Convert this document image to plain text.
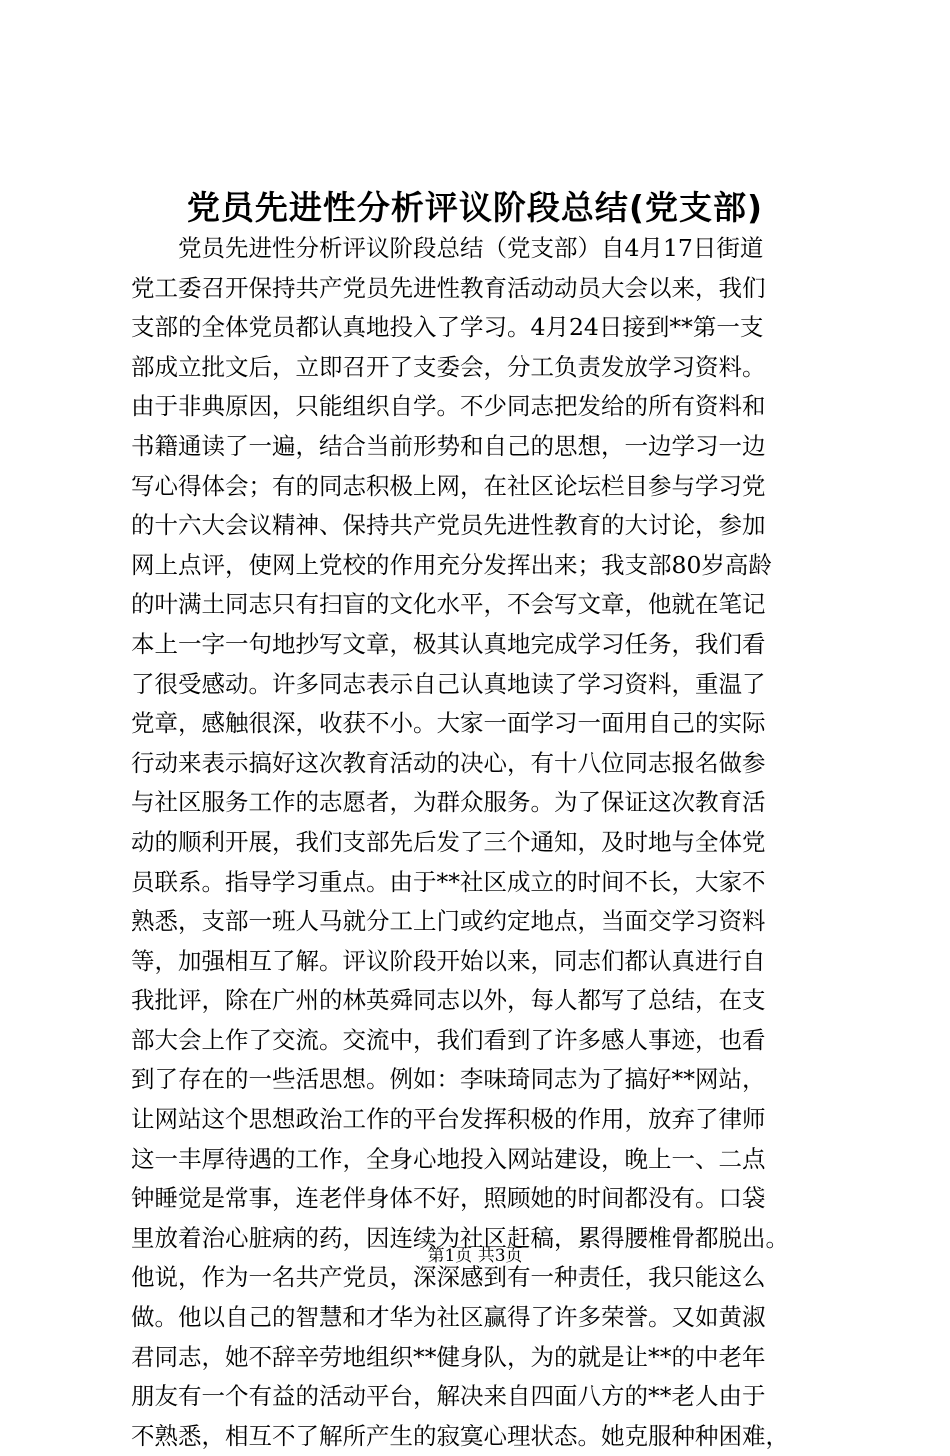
党员先进性分析评议阶段总结(党支部)
　　党员先进性分析评议阶段总结（党支部）自4月17日街道
党工委召开保持共产党员先进性教育活动动员大会以来，我们
支部的全体党员都认真地投入了学习。4月24日接到**第一支
部成立批文后，立即召开了支委会，分工负责发放学习资料。
由于非典原因，只能组织自学。不少同志把发给的所有资料和
书籍通读了一遍，结合当前形势和自己的思想，一边学习一边
写心得体会；有的同志积极上网，在社区论坛栏目参与学习党
的十六大会议精神、保持共产党员先进性教育的大讨论，参加
网上点评，使网上党校的作用充分发挥出来；我支部80岁高龄
的叶满土同志只有扫盲的文化水平，不会写文章，他就在笔记
本上一字一句地抄写文章，极其认真地完成学习任务，我们看
了很受感动。许多同志表示自己认真地读了学习资料，重温了
党章，感触很深，收获不小。大家一面学习一面用自己的实际
行动来表示搞好这次教育活动的决心，有十八位同志报名做参
与社区服务工作的志愿者，为群众服务。为了保证这次教育活
动的顺利开展，我们支部先后发了三个通知，及时地与全体党
员联系。指导学习重点。由于**社区成立的时间不长，大家不
熟悉，支部一班人马就分工上门或约定地点，当面交学习资料
等，加强相互了解。评议阶段开始以来，同志们都认真进行自
我批评，除在广州的林英舜同志以外，每人都写了总结，在支
部大会上作了交流。交流中，我们看到了许多感人事迹，也看
到了存在的一些活思想。例如：李味琦同志为了搞好**网站，
让网站这个思想政治工作的平台发挥积极的作用，放弃了律师
这一丰厚待遇的工作，全身心地投入网站建设，晚上一、二点
钟睡觉是常事，连老伴身体不好，照顾她的时间都没有。口袋
里放着治心脏病的药，因连续为社区赶稿，累得腰椎骨都脱出。
他说，作为一名共产党员，深深感到有一种责任，我只能这么
做。他以自己的智慧和才华为社区赢得了许多荣誉。又如黄淑
君同志，她不辞辛劳地组织**健身队，为的就是让**的中老年
朋友有一个有益的活动平台，解决来自四面八方的**老人由于
不熟悉，相互不了解所产生的寂寞心理状态。她克服种种困难，
第1页 共3页
